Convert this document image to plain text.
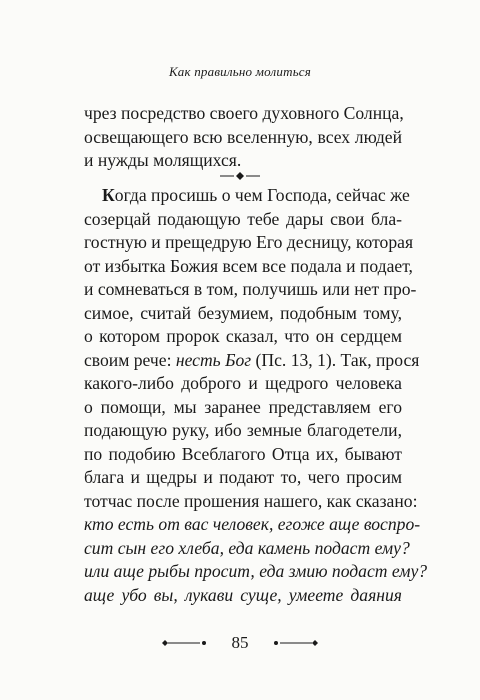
Как правильно молиться
чрез посредство своего духовного Солнца,
освещающего всю вселенную, всех людей
и нужды молящихся.
Когда просишь о чем Господа, сейчас же
созерцай подающую тебе дары свои бла-
гостную и прещедрую Его десницу, которая
от избытка Божия всем все подала и подает,
и сомневаться в том, получишь или нет про-
симое, считай безумием, подобным тому,
о котором пророк сказал, что он сердцем
своим рече: несть Бог (Пс. 13, 1). Так, прося
какого-либо доброго и щедрого человека
о помощи, мы заранее представляем его
подающую руку, ибо земные благодетели,
по подобию Всеблагого Отца их, бывают
блага и щедры и подают то, чего просим
тотчас после прошения нашего, как сказано:
кто есть от вас человек, егоже аще воспро-
сит сын его хлеба, еда камень подаст ему?
или аще рыбы просит, еда змию подаст ему?
аще убо вы, лукави суще, умеете даяния
85
